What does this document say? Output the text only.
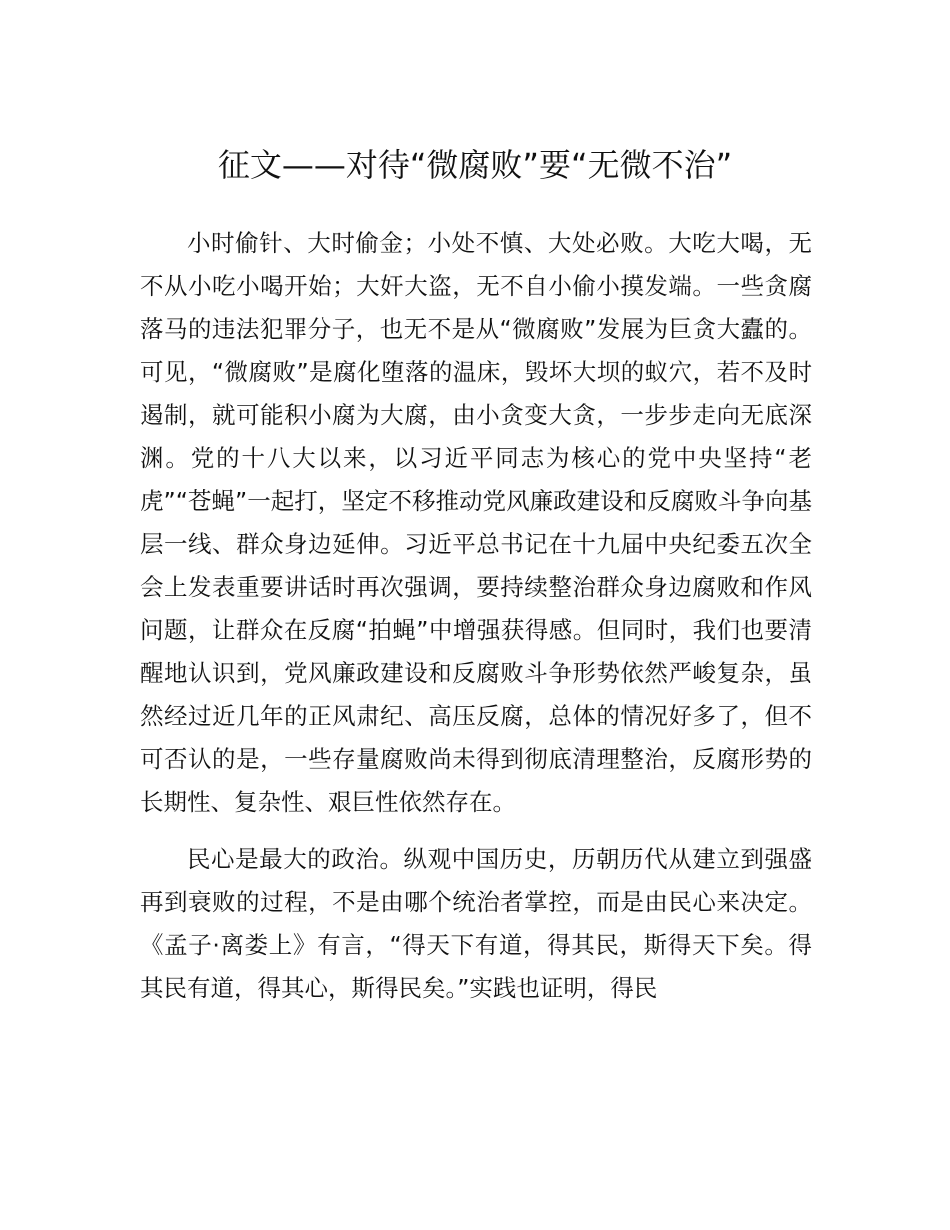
征文——对待“微腐败”要“无微不治”

小时偷针、大时偷金；小处不慎、大处必败。大吃大喝，无不从小吃小喝开始；大奸大盗，无不自小偷小摸发端。一些贪腐落马的违法犯罪分子，也无不是从“微腐败”发展为巨贪大蠹的。可见，“微腐败”是腐化堕落的温床，毁坏大坝的蚁穴，若不及时遏制，就可能积小腐为大腐，由小贪变大贪，一步步走向无底深渊。党的十八大以来，以习近平同志为核心的党中央坚持“老虎”“苍蝇”一起打，坚定不移推动党风廉政建设和反腐败斗争向基层一线、群众身边延伸。习近平总书记在十九届中央纪委五次全会上发表重要讲话时再次强调，要持续整治群众身边腐败和作风问题，让群众在反腐“拍蝇”中增强获得感。但同时，我们也要清醒地认识到，党风廉政建设和反腐败斗争形势依然严峻复杂，虽然经过近几年的正风肃纪、高压反腐，总体的情况好多了，但不可否认的是，一些存量腐败尚未得到彻底清理整治，反腐形势的长期性、复杂性、艰巨性依然存在。

民心是最大的政治。纵观中国历史，历朝历代从建立到强盛再到衰败的过程，不是由哪个统治者掌控，而是由民心来决定。《孟子·离娄上》有言，“得天下有道，得其民，斯得天下矣。得其民有道，得其心，斯得民矣。”实践也证明，得民
